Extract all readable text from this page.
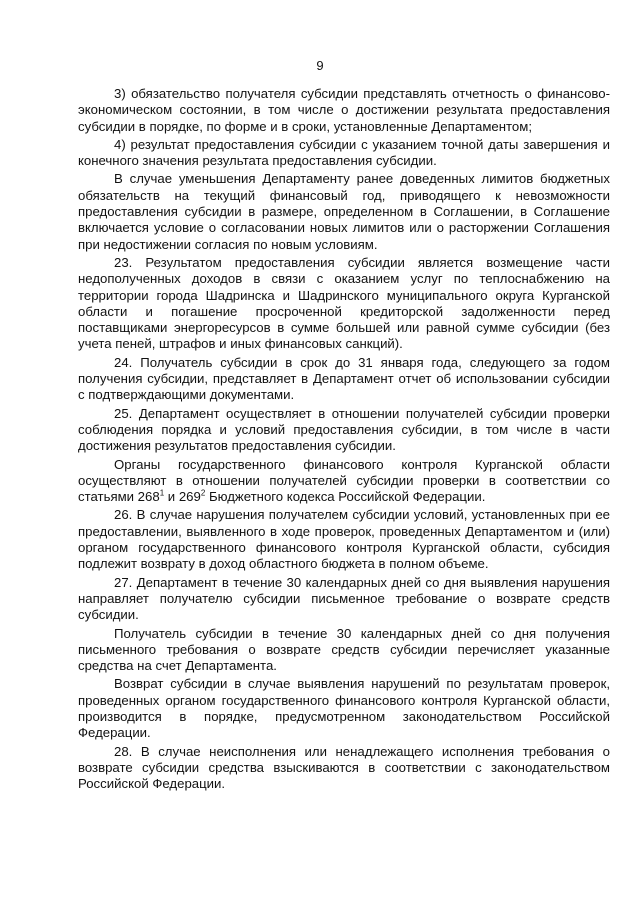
9

3) обязательство получателя субсидии представлять отчетность о финансово-экономическом состоянии, в том числе о достижении результата предоставления субсидии в порядке, по форме и в сроки, установленные Департаментом;

4) результат предоставления субсидии с указанием точной даты завершения и конечного значения результата предоставления субсидии.

В случае уменьшения Департаменту ранее доведенных лимитов бюджетных обязательств на текущий финансовый год, приводящего к невозможности предоставления субсидии в размере, определенном в Соглашении, в Соглашение включается условие о согласовании новых лимитов или о расторжении Соглашения при недостижении согласия по новым условиям.

23. Результатом предоставления субсидии является возмещение части недополученных доходов в связи с оказанием услуг по теплоснабжению на территории города Шадринска и Шадринского муниципального округа Курганской области и погашение просроченной кредиторской задолженности перед поставщиками энергоресурсов в сумме большей или равной сумме субсидии (без учета пеней, штрафов и иных финансовых санкций).

24. Получатель субсидии в срок до 31 января года, следующего за годом получения субсидии, представляет в Департамент отчет об использовании субсидии с подтверждающими документами.

25. Департамент осуществляет в отношении получателей субсидии проверки соблюдения порядка и условий предоставления субсидии, в том числе в части достижения результатов предоставления субсидии.

Органы государственного финансового контроля Курганской области осуществляют в отношении получателей субсидии проверки в соответствии со статьями $268^1$ и $269^2$ Бюджетного кодекса Российской Федерации.

26. В случае нарушения получателем субсидии условий, установленных при ее предоставлении, выявленного в ходе проверок, проведенных Департаментом и (или) органом государственного финансового контроля Курганской области, субсидия подлежит возврату в доход областного бюджета в полном объеме.

27. Департамент в течение 30 календарных дней со дня выявления нарушения направляет получателю субсидии письменное требование о возврате средств субсидии.

Получатель субсидии в течение 30 календарных дней со дня получения письменного требования о возврате средств субсидии перечисляет указанные средства на счет Департамента.

Возврат субсидии в случае выявления нарушений по результатам проверок, проведенных органом государственного финансового контроля Курганской области, производится в порядке, предусмотренном законодательством Российской Федерации.

28. В случае неисполнения или ненадлежащего исполнения требования о возврате субсидии средства взыскиваются в соответствии с законодательством Российской Федерации.
